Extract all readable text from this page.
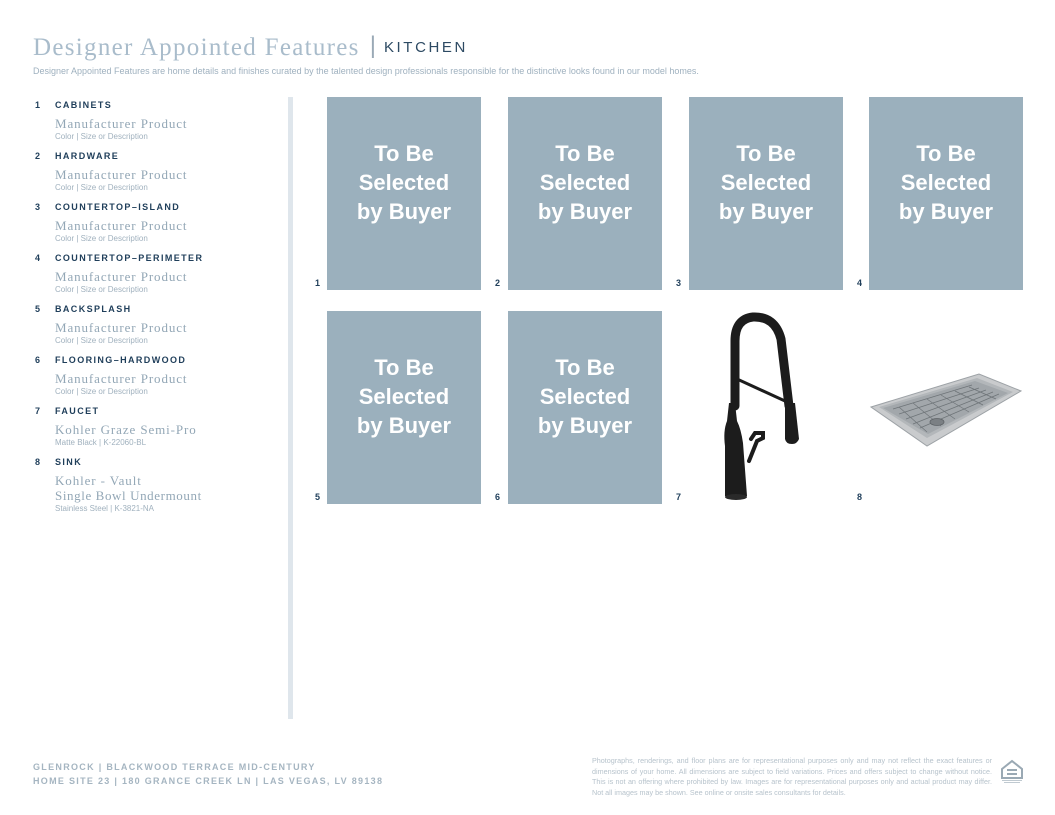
Designer Appointed Features | KITCHEN
Designer Appointed Features are home details and finishes curated by the talented design professionals responsible for the distinctive looks found in our model homes.
1 CABINETS
Manufacturer Product
Color | Size or Description
2 HARDWARE
Manufacturer Product
Color | Size or Description
3 COUNTERTOP–ISLAND
Manufacturer Product
Color | Size or Description
4 COUNTERTOP–PERIMETER
Manufacturer Product
Color | Size or Description
5 BACKSPLASH
Manufacturer Product
Color | Size or Description
6 FLOORING–HARDWOOD
Manufacturer Product
Color | Size or Description
7 FAUCET
Kohler Graze Semi-Pro
Matte Black | K-22060-BL
8 SINK
Kohler - Vault
Single Bowl Undermount
Stainless Steel | K-3821-NA
1
To Be
Selected
by Buyer
2
To Be
Selected
by Buyer
3
To Be
Selected
by Buyer
4
To Be
Selected
by Buyer
5
To Be
Selected
by Buyer
6
To Be
Selected
by Buyer
7	8
GLENROCK | BLACKWOOD TERRACE MID-CENTURY
HOME SITE 23 | 180 GRANCE CREEK LN | LAS VEGAS, LV 89138
Photographs, renderings, and floor plans are for representational purposes only and may not reflect the exact features or dimensions of your home. All dimensions are subject to field variations. Prices and offers subject to change without notice. This is not an offering where prohibited by law. Images are for representational purposes only and actual product may differ. Not all images may be shown. See online or onsite sales consultants for details.
